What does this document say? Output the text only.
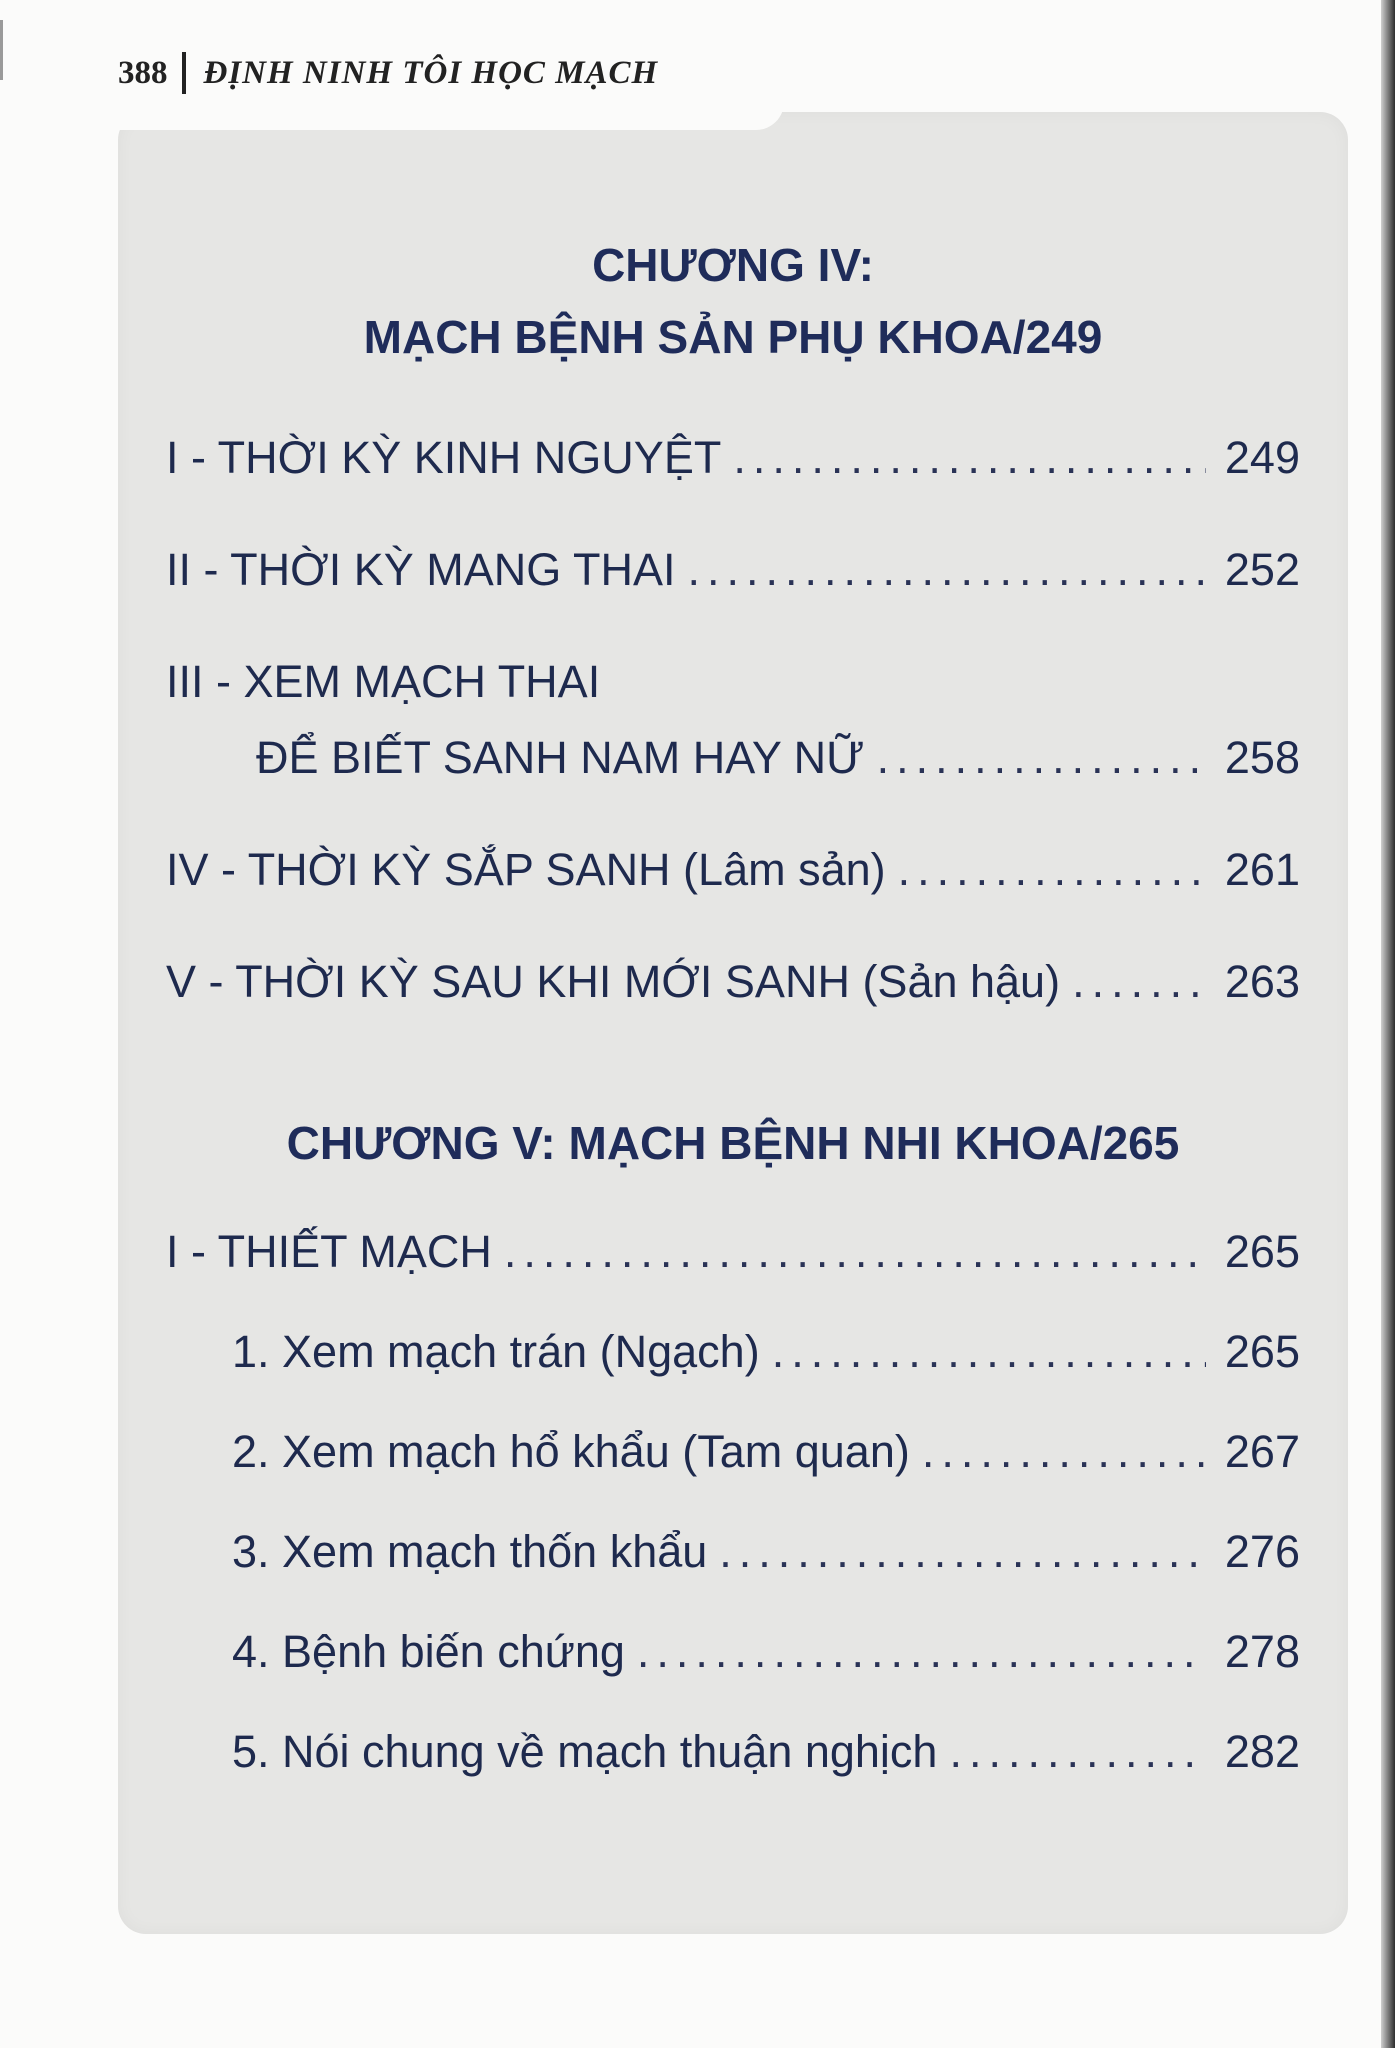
388 ĐỊNH NINH TÔI HỌC MẠCH
CHƯƠNG IV:
MẠCH BỆNH SẢN PHỤ KHOA/249
I - THỜI KỲ KINH NGUYỆT .....	249
II - THỜI KỲ MANG THAI .....	252
III - XEM MẠCH THAI
ĐỂ BIẾT SANH NAM HAY NỮ .....	258
IV - THỜI KỲ SẮP SANH (Lâm sản) .....	261
V - THỜI KỲ SAU KHI MỚI SANH (Sản hậu) .....	263
CHƯƠNG V: MẠCH BỆNH NHI KHOA/265
I - THIẾT MẠCH .....	265
1. Xem mạch trán (Ngạch) .....	265
2. Xem mạch hổ khẩu (Tam quan) .....	267
3. Xem mạch thốn khẩu .....	276
4. Bệnh biến chứng .....	278
5. Nói chung về mạch thuận nghịch .....	282
